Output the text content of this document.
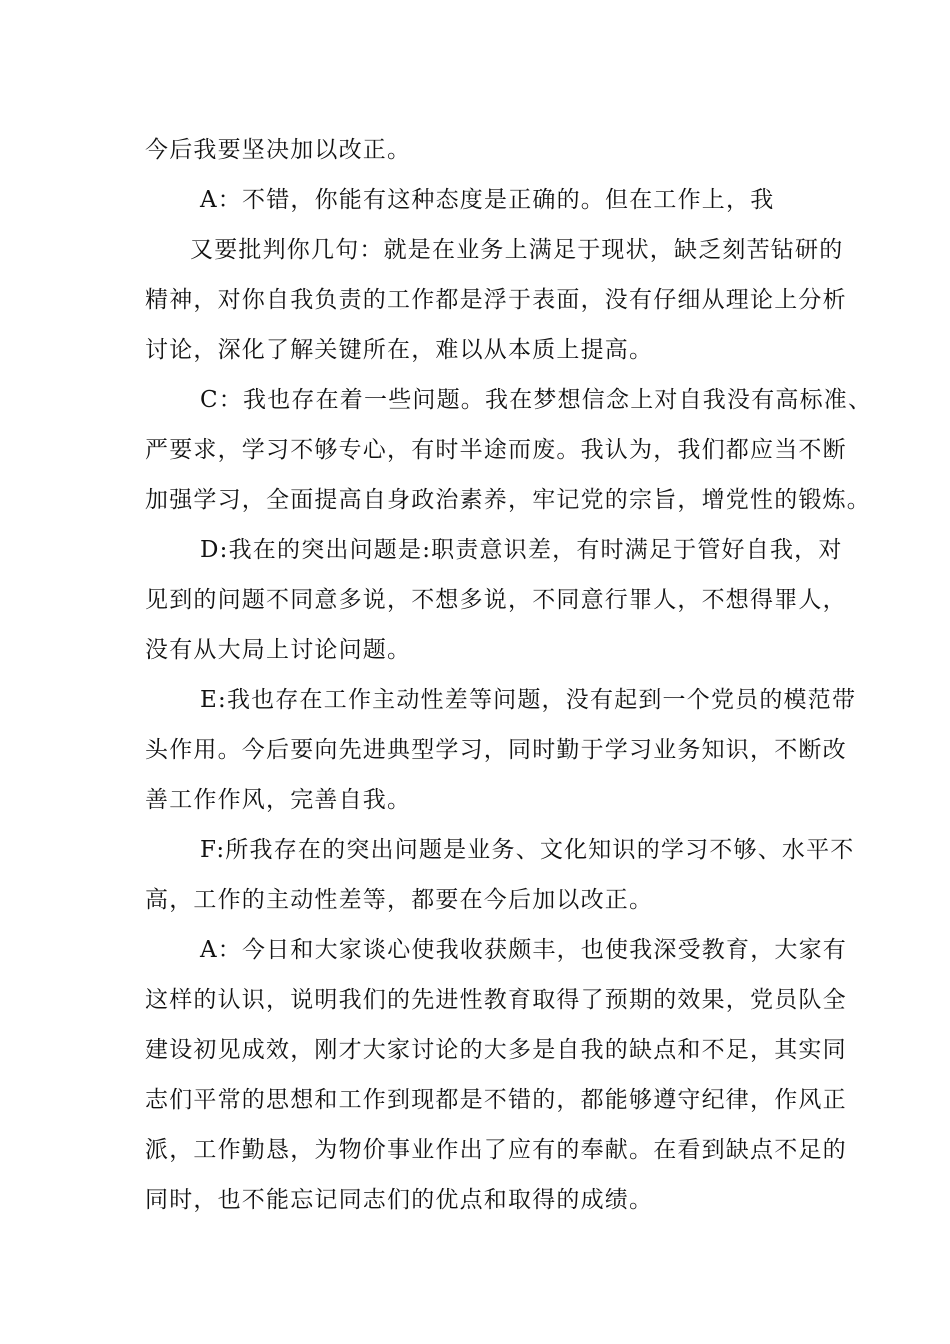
今后我要坚决加以改正。
A：不错，你能有这种态度是正确的。但在工作上，我
又要批判你几句：就是在业务上满足于现状，缺乏刻苦钻研的
精神，对你自我负责的工作都是浮于表面，没有仔细从理论上分析
讨论，深化了解关键所在，难以从本质上提高。
C：我也存在着一些问题。我在梦想信念上对自我没有高标准、
严要求，学习不够专心，有时半途而废。我认为，我们都应当不断
加强学习，全面提高自身政治素养，牢记党的宗旨，增党性的锻炼。
D:我在的突出问题是:职责意识差，有时满足于管好自我，对
见到的问题不同意多说，不想多说，不同意行罪人，不想得罪人，
没有从大局上讨论问题。
E:我也存在工作主动性差等问题，没有起到一个党员的模范带
头作用。今后要向先进典型学习，同时勤于学习业务知识，不断改
善工作作风，完善自我。
F:所我存在的突出问题是业务、文化知识的学习不够、水平不
高，工作的主动性差等，都要在今后加以改正。
A：今日和大家谈心使我收获颇丰，也使我深受教育，大家有
这样的认识，说明我们的先进性教育取得了预期的效果，党员队全
建设初见成效，刚才大家讨论的大多是自我的缺点和不足，其实同
志们平常的思想和工作到现都是不错的，都能够遵守纪律，作风正
派，工作勤恳，为物价事业作出了应有的奉献。在看到缺点不足的
同时，也不能忘记同志们的优点和取得的成绩。
